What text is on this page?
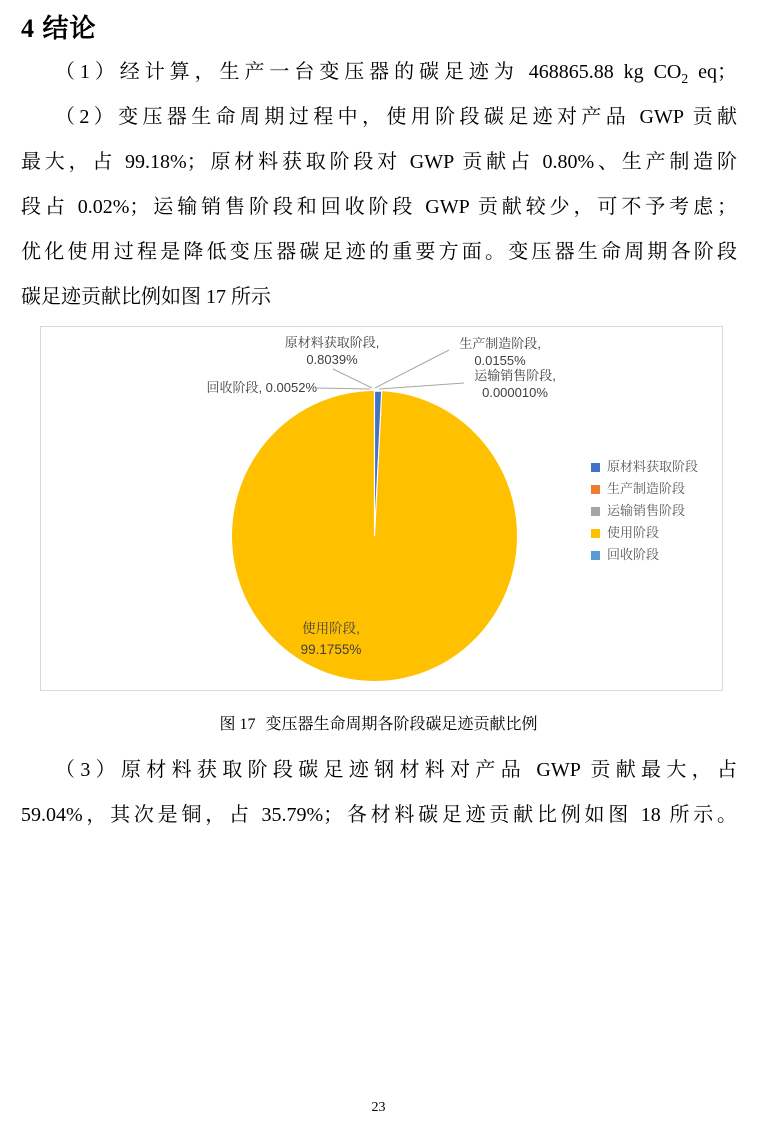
4 结论
（1）经计算，生产一台变压器的碳足迹为 468865.88 kg $CO_2$ eq；
（2）变压器生命周期过程中，使用阶段碳足迹对产品 GWP 贡献
最大，占 99.18%；原材料获取阶段对 GWP 贡献占 0.80%、生产制造阶
段占 0.02%；运输销售阶段和回收阶段 GWP 贡献较少，可不予考虑；
优化使用过程是降低变压器碳足迹的重要方面。变压器生命周期各阶段
碳足迹贡献比例如图 17 所示
原材料获取阶段,
0.8039%
生产制造阶段,
0.0155%
运输销售阶段,
0.000010%
回收阶段, 0.0052%
使用阶段,
99.1755%
原材料获取阶段
生产制造阶段
运输销售阶段
使用阶段
回收阶段
图 17 变压器生命周期各阶段碳足迹贡献比例
（3）原材料获取阶段碳足迹钢材料对产品 GWP 贡献最大，占
59.04%，其次是铜，占 35.79%；各材料碳足迹贡献比例如图 18 所示。
23
